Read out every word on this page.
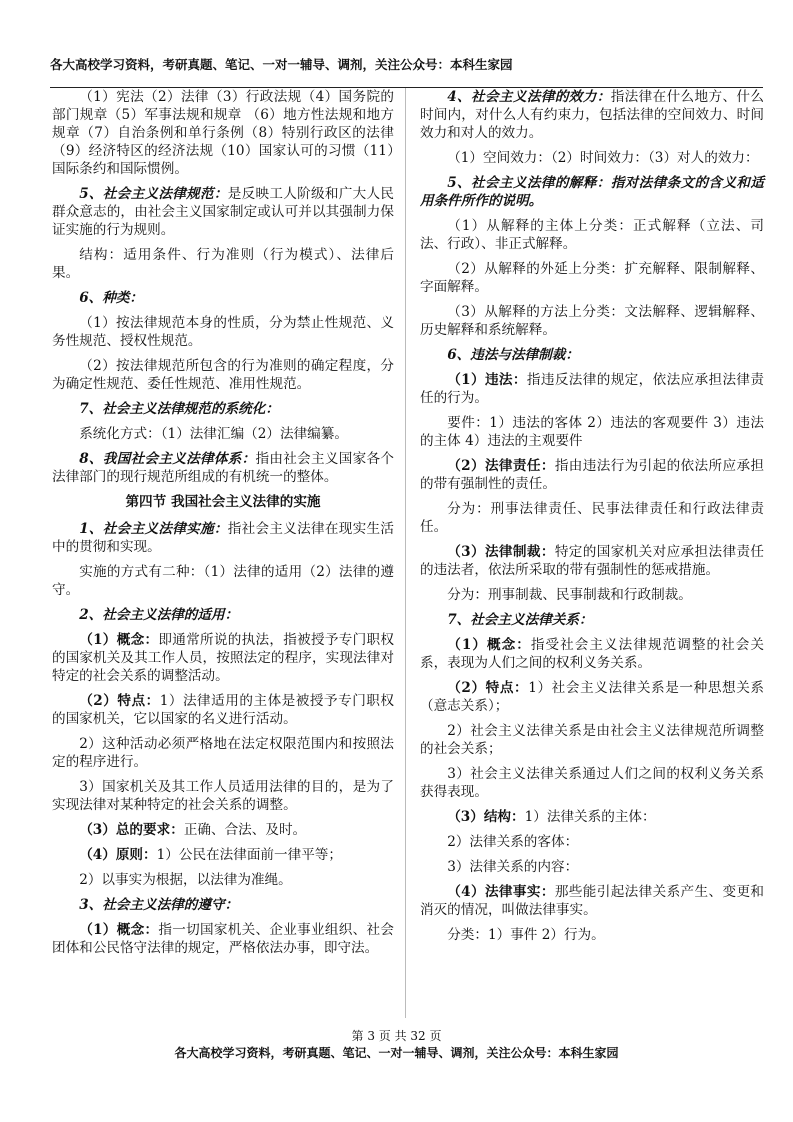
各大高校学习资料，考研真题、笔记、一对一辅导、调剂，关注公众号：本科生家园

（1）宪法（2）法律（3）行政法规（4）国务院的部门规章（5）军事法规和规章 （6）地方性法规和地方规章（7）自治条例和单行条例（8）特别行政区的法律（9）经济特区的经济法规（10）国家认可的习惯（11）国际条约和国际惯例。

5、社会主义法律规范：是反映工人阶级和广大人民群众意志的，由社会主义国家制定或认可并以其强制力保证实施的行为规则。

结构：适用条件、行为准则（行为模式）、法律后果。

6、种类：

（1）按法律规范本身的性质，分为禁止性规范、义务性规范、授权性规范。

（2）按法律规范所包含的行为准则的确定程度，分为确定性规范、委任性规范、准用性规范。

7、社会主义法律规范的系统化：

系统化方式：（1）法律汇编（2）法律编纂。

8、我国社会主义法律体系：指由社会主义国家各个法律部门的现行规范所组成的有机统一的整体。

第四节 我国社会主义法律的实施

1、社会主义法律实施：指社会主义法律在现实生活中的贯彻和实现。

实施的方式有二种：（1）法律的适用（2）法律的遵守。

2、社会主义法律的适用：

（1）概念：即通常所说的执法，指被授予专门职权的国家机关及其工作人员，按照法定的程序，实现法律对特定的社会关系的调整活动。

（2）特点：1）法律适用的主体是被授予专门职权的国家机关，它以国家的名义进行活动。

2）这种活动必须严格地在法定权限范围内和按照法定的程序进行。

3）国家机关及其工作人员适用法律的目的，是为了实现法律对某种特定的社会关系的调整。

（3）总的要求：正确、合法、及时。

（4）原则：1）公民在法律面前一律平等；

2）以事实为根据，以法律为准绳。

3、社会主义法律的遵守：

（1）概念：指一切国家机关、企业事业组织、社会团体和公民恪守法律的规定，严格依法办事，即守法。

4、社会主义法律的效力：指法律在什么地方、什么时间内，对什么人有约束力，包括法律的空间效力、时间效力和对人的效力。

（1）空间效力：（2）时间效力：（3）对人的效力：

5、社会主义法律的解释：指对法律条文的含义和适用条件所作的说明。

（1）从解释的主体上分类：正式解释（立法、司法、行政）、非正式解释。

（2）从解释的外延上分类：扩充解释、限制解释、字面解释。

（3）从解释的方法上分类：文法解释、逻辑解释、历史解释和系统解释。

6、违法与法律制裁：

（1）违法：指违反法律的规定，依法应承担法律责任的行为。

要件：1）违法的客体 2）违法的客观要件 3）违法的主体 4）违法的主观要件

（2）法律责任：指由违法行为引起的依法所应承担的带有强制性的责任。

分为：刑事法律责任、民事法律责任和行政法律责任。

（3）法律制裁：特定的国家机关对应承担法律责任的违法者，依法所采取的带有强制性的惩戒措施。

分为：刑事制裁、民事制裁和行政制裁。

7、社会主义法律关系：

（1）概念：指受社会主义法律规范调整的社会关系，表现为人们之间的权利义务关系。

（2）特点：1）社会主义法律关系是一种思想关系（意志关系）；

2）社会主义法律关系是由社会主义法律规范所调整的社会关系；

3）社会主义法律关系通过人们之间的权利义务关系获得表现。

（3）结构：1）法律关系的主体：

2）法律关系的客体：

3）法律关系的内容：

（4）法律事实：那些能引起法律关系产生、变更和消灭的情况，叫做法律事实。

分类：1）事件 2）行为。

第 3 页 共 32 页
各大高校学习资料，考研真题、笔记、一对一辅导、调剂，关注公众号：本科生家园
